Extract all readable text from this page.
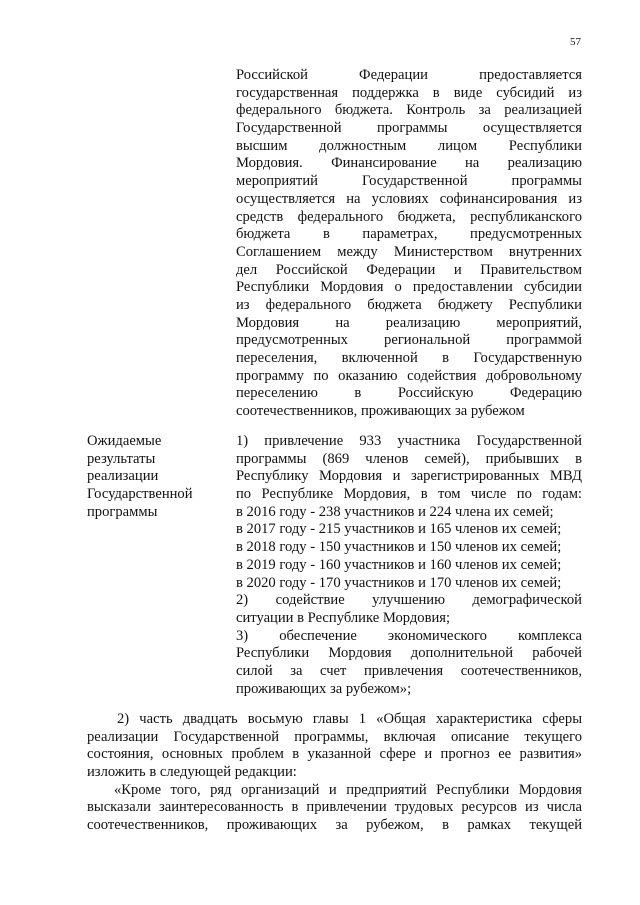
57
Российской Федерации предоставляется
государственная поддержка в виде субсидий из
федерального бюджета. Контроль за реализацией
Государственной программы осуществляется
высшим должностным лицом Республики
Мордовия. Финансирование на реализацию
мероприятий Государственной программы
осуществляется на условиях софинансирования из
средств федерального бюджета, республиканского
бюджета в параметрах, предусмотренных
Соглашением между Министерством внутренних
дел Российской Федерации и Правительством
Республики Мордовия о предоставлении субсидии
из федерального бюджета бюджету Республики
Мордовия на реализацию мероприятий,
предусмотренных региональной программой
переселения, включенной в Государственную
программу по оказанию содействия добровольному
переселению в Российскую Федерацию
соотечественников, проживающих за рубежом
Ожидаемые
результаты
реализации
Государственной
программы
1) привлечение 933 участника Государственной
программы (869 членов семей), прибывших в
Республику Мордовия и зарегистрированных МВД
по Республике Мордовия, в том числе по годам:
в 2016 году - 238 участников и 224 члена их семей;
в 2017 году - 215 участников и 165 членов их семей;
в 2018 году - 150 участников и 150 членов их семей;
в 2019 году - 160 участников и 160 членов их семей;
в 2020 году - 170 участников и 170 членов их семей;
2) содействие улучшению демографической
ситуации в Республике Мордовия;
3) обеспечение экономического комплекса
Республики Мордовия дополнительной рабочей
силой за счет привлечения соотечественников,
проживающих за рубежом»;
2) часть двадцать восьмую главы 1 «Общая характеристика сферы
реализации Государственной программы, включая описание текущего
состояния, основных проблем в указанной сфере и прогноз ее развития»
изложить в следующей редакции:
«Кроме того, ряд организаций и предприятий Республики Мордовия
высказали заинтересованность в привлечении трудовых ресурсов из числа
соотечественников, проживающих за рубежом, в рамках текущей
